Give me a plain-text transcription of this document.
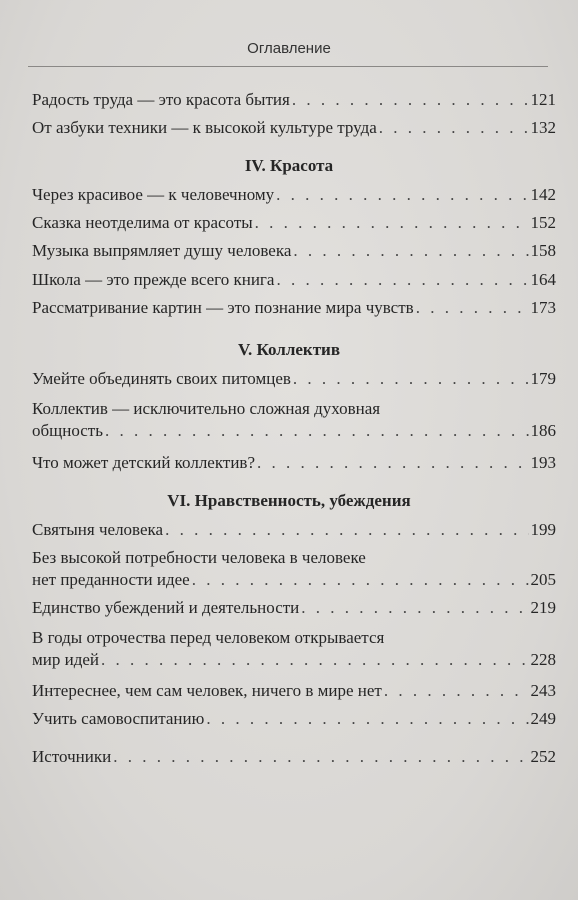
Оглавление
Радость труда — это красота бытия . . .	121
От азбуки техники — к высокой культуре труда . . .	132
IV. Красота
Через красивое — к человечному . . .	142
Сказка неотделима от красоты . . .	152
Музыка выпрямляет душу человека . . .	158
Школа — это прежде всего книга . . .	164
Рассматривание картин — это познание мира чувств . . .	173
V. Коллектив
Умейте объединять своих питомцев . . .	179
Коллектив — исключительно сложная духовная
общность . . .	186
Что может детский коллектив? . . .	193
VI. Нравственность, убеждения
Святыня человека . . .	199
Без высокой потребности человека в человеке
нет преданности идее . . .	205
Единство убеждений и деятельности . . .	219
В годы отрочества перед человеком открывается
мир идей . . .	228
Интереснее, чем сам человек, ничего в мире нет . . .	243
Учить самовоспитанию . . .	249
Источники . . .	252
